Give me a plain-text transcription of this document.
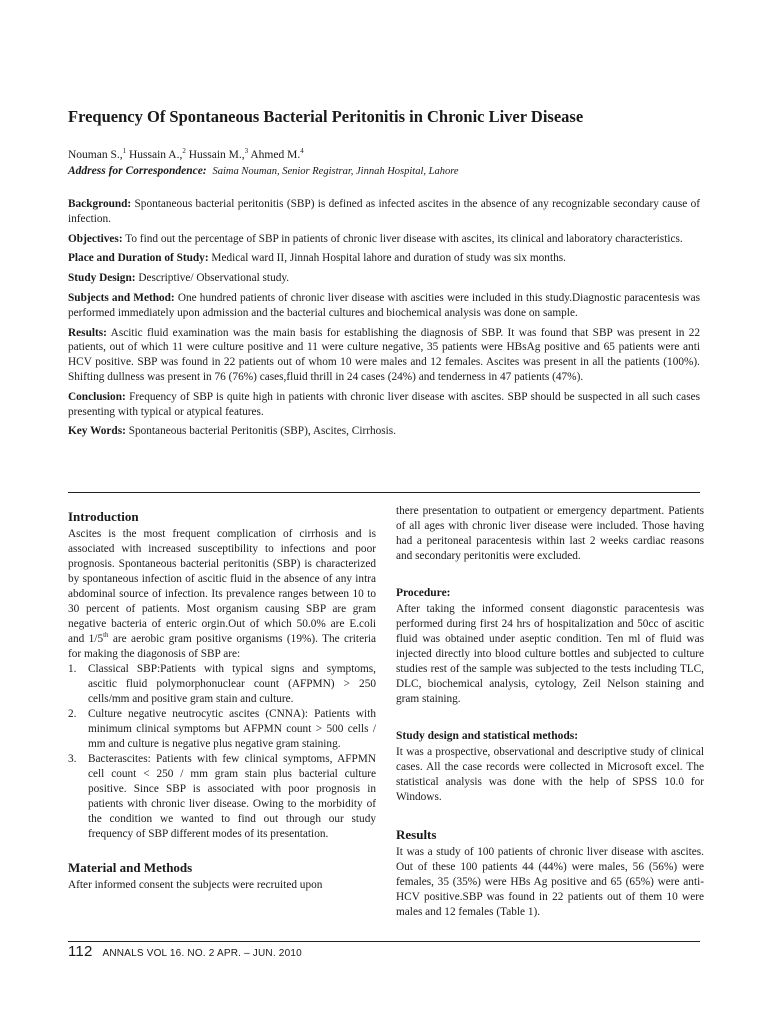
Frequency Of Spontaneous Bacterial Peritonitis in Chronic Liver Disease
Nouman S.,$^1$ Hussain A.,$^2$ Hussain M.,$^3$ Ahmed M.$^4$
Address for Correspondence: Saima Nouman, Senior Registrar, Jinnah Hospital, Lahore

Background: Spontaneous bacterial peritonitis (SBP) is defined as infected ascites in the absence of any recognizable secondary cause of infection.

Objectives: To find out the percentage of SBP in patients of chronic liver disease with ascites, its clinical and laboratory characteristics.

Place and Duration of Study: Medical ward II, Jinnah Hospital lahore and duration of study was six months.

Study Design: Descriptive/ Observational study.

Subjects and Method: One hundred patients of chronic liver disease with ascities were included in this study.Diagnostic paracentesis was performed immediately upon admission and the bacterial cultures and biochemical analysis was done on sample.

Results: Ascitic fluid examination was the main basis for establishing the diagnosis of SBP. It was found that SBP was present in 22 patients, out of which 11 were culture positive and 11 were culture negative, 35 patients were HBsAg positive and 65 patients were anti HCV positive. SBP was found in 22 patients out of whom 10 were males and 12 females. Ascites was present in all the patients (100%). Shifting dullness was present in 76 (76%) cases,fluid thrill in 24 cases (24%) and tenderness in 47 patients (47%).

Conclusion: Frequency of SBP is quite high in patients with chronic liver disease with ascites. SBP should be suspected in all such cases presenting with typical or atypical features.

Key Words: Spontaneous bacterial Peritonitis (SBP), Ascites, Cirrhosis.

Introduction

Ascites is the most frequent complication of cirrhosis and is associated with increased susceptibility to infections and poor prognosis. Spontaneous bacterial peritonitis (SBP) is characterized by spontaneous infection of ascitic fluid in the absence of any intra abdominal source of infection. Its prevalence ranges between 10 to 30 percent of patients. Most organism causing SBP are gram negative bacteria of enteric orgin.Out of which 50.0% are E.coli and 1/5th are aerobic gram positive organisms (19%). The criteria for making the diagonosis of SBP are:

1. Classical SBP:Patients with typical signs and symptoms, ascitic fluid polymorphonuclear count (AFPMN) > 250 cells/mm and positive gram stain and culture.
2. Culture negative neutrocytic ascites (CNNA): Patients with minimum clinical symptoms but AFPMN count > 500 cells / mm and culture is negative plus negative gram staining.
3. Bacterascites: Patients with few clinical symptoms, AFPMN cell count < 250 / mm gram stain plus bacterial culture positive. Since SBP is associated with poor prognosis in patients with chronic liver disease. Owing to the morbidity of the condition we wanted to find out through our study frequency of SBP different modes of its presentation.
Material and Methods

After informed consent the subjects were recruited upon

there presentation to outpatient or emergency department. Patients of all ages with chronic liver disease were included. Those having had a peritoneal paracentesis within last 2 weeks cardiac reasons and secondary peritonitis were excluded.

Procedure:

After taking the informed consent diagonstic paracentesis was performed during first 24 hrs of hospitalization and 50cc of ascitic fluid was obtained under aseptic condition. Ten ml of fluid was injected directly into blood culture bottles and subjected to culture studies rest of the sample was subjected to the tests including TLC, DLC, biochemical analysis, cytology, Zeil Nelson staining and gram staining.

Study design and statistical methods:

It was a prospective, observational and descriptive study of clinical cases. All the case records were collected in Microsoft excel. The statistical analysis was done with the help of SPSS 10.0 for Windows.

Results

It was a study of 100 patients of chronic liver disease with ascites. Out of these 100 patients 44 (44%) were males, 56 (56%) were females, 35 (35%) were HBs Ag positive and 65 (65%) were anti-HCV positive.SBP was found in 22 patients out of them 10 were males and 12 females (Table 1).

112 ANNALS VOL 16. NO. 2 APR. – JUN. 2010
